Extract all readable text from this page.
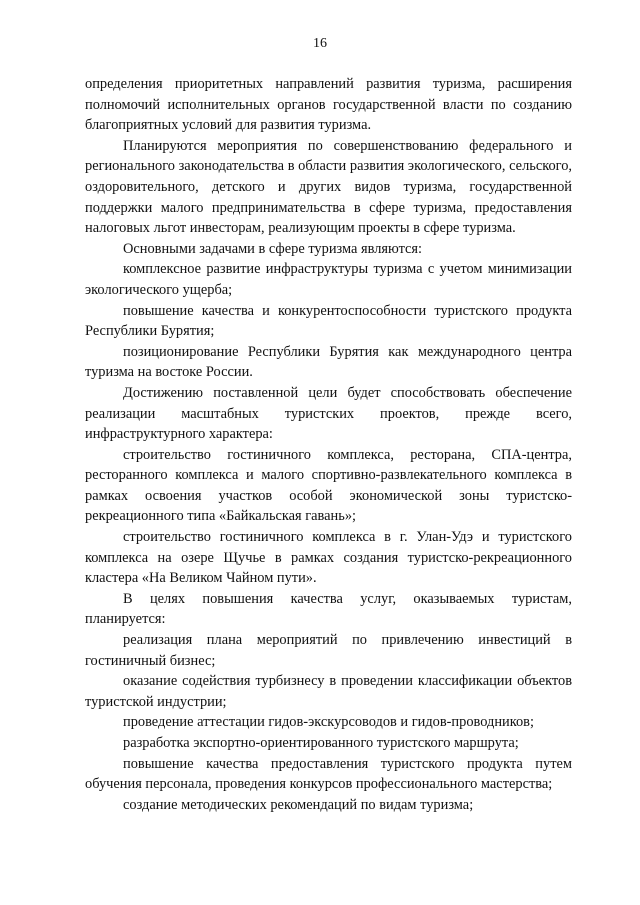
16

определения приоритетных направлений развития туризма, расширения полномочий исполнительных органов государственной власти по созданию благоприятных условий для развития туризма.

Планируются мероприятия по совершенствованию федерального и регионального законодательства в области развития экологического, сельского, оздоровительного, детского и других видов туризма, государственной поддержки малого предпринимательства в сфере туризма, предоставления налоговых льгот инвесторам, реализующим проекты в сфере туризма.

Основными задачами в сфере туризма являются:

комплексное развитие инфраструктуры туризма с учетом минимизации экологического ущерба;

повышение качества и конкурентоспособности туристского продукта Республики Бурятия;

позиционирование Республики Бурятия как международного центра туризма на востоке России.

Достижению поставленной цели будет способствовать обеспечение реализации масштабных туристских проектов, прежде всего, инфраструктурного характера:

строительство гостиничного комплекса, ресторана, СПА-центра, ресторанного комплекса и малого спортивно-развлекательного комплекса в рамках освоения участков особой экономической зоны туристско-рекреационного типа «Байкальская гавань»;

строительство гостиничного комплекса в г. Улан-Удэ и туристского комплекса на озере Щучье в рамках создания туристско-рекреационного кластера «На Великом Чайном пути».

В целях повышения качества услуг, оказываемых туристам, планируется:

реализация плана мероприятий по привлечению инвестиций в гостиничный бизнес;

оказание содействия турбизнесу в проведении классификации объектов туристской индустрии;

проведение аттестации гидов-экскурсоводов и гидов-проводников;

разработка экспортно-ориентированного туристского маршрута;

повышение качества предоставления туристского продукта путем обучения персонала, проведения конкурсов профессионального мастерства;

создание методических рекомендаций по видам туризма;
